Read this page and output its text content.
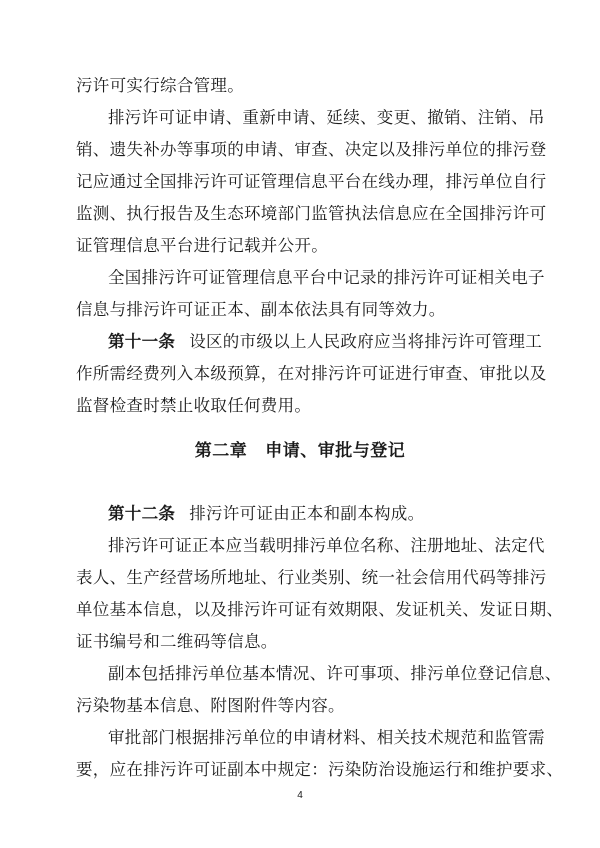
污许可实行综合管理。
排污许可证申请、重新申请、延续、变更、撤销、注销、吊
销、遗失补办等事项的申请、审查、决定以及排污单位的排污登
记应通过全国排污许可证管理信息平台在线办理，排污单位自行
监测、执行报告及生态环境部门监管执法信息应在全国排污许可
证管理信息平台进行记载并公开。
全国排污许可证管理信息平台中记录的排污许可证相关电子
信息与排污许可证正本、副本依法具有同等效力。
第十一条 设区的市级以上人民政府应当将排污许可管理工
作所需经费列入本级预算，在对排污许可证进行审查、审批以及
监督检查时禁止收取任何费用。
第二章 申请、审批与登记
第十二条 排污许可证由正本和副本构成。
排污许可证正本应当载明排污单位名称、注册地址、法定代
表人、生产经营场所地址、行业类别、统一社会信用代码等排污
单位基本信息，以及排污许可证有效期限、发证机关、发证日期、
证书编号和二维码等信息。
副本包括排污单位基本情况、许可事项、排污单位登记信息、
污染物基本信息、附图附件等内容。
审批部门根据排污单位的申请材料、相关技术规范和监管需
要，应在排污许可证副本中规定：污染防治设施运行和维护要求、
4
